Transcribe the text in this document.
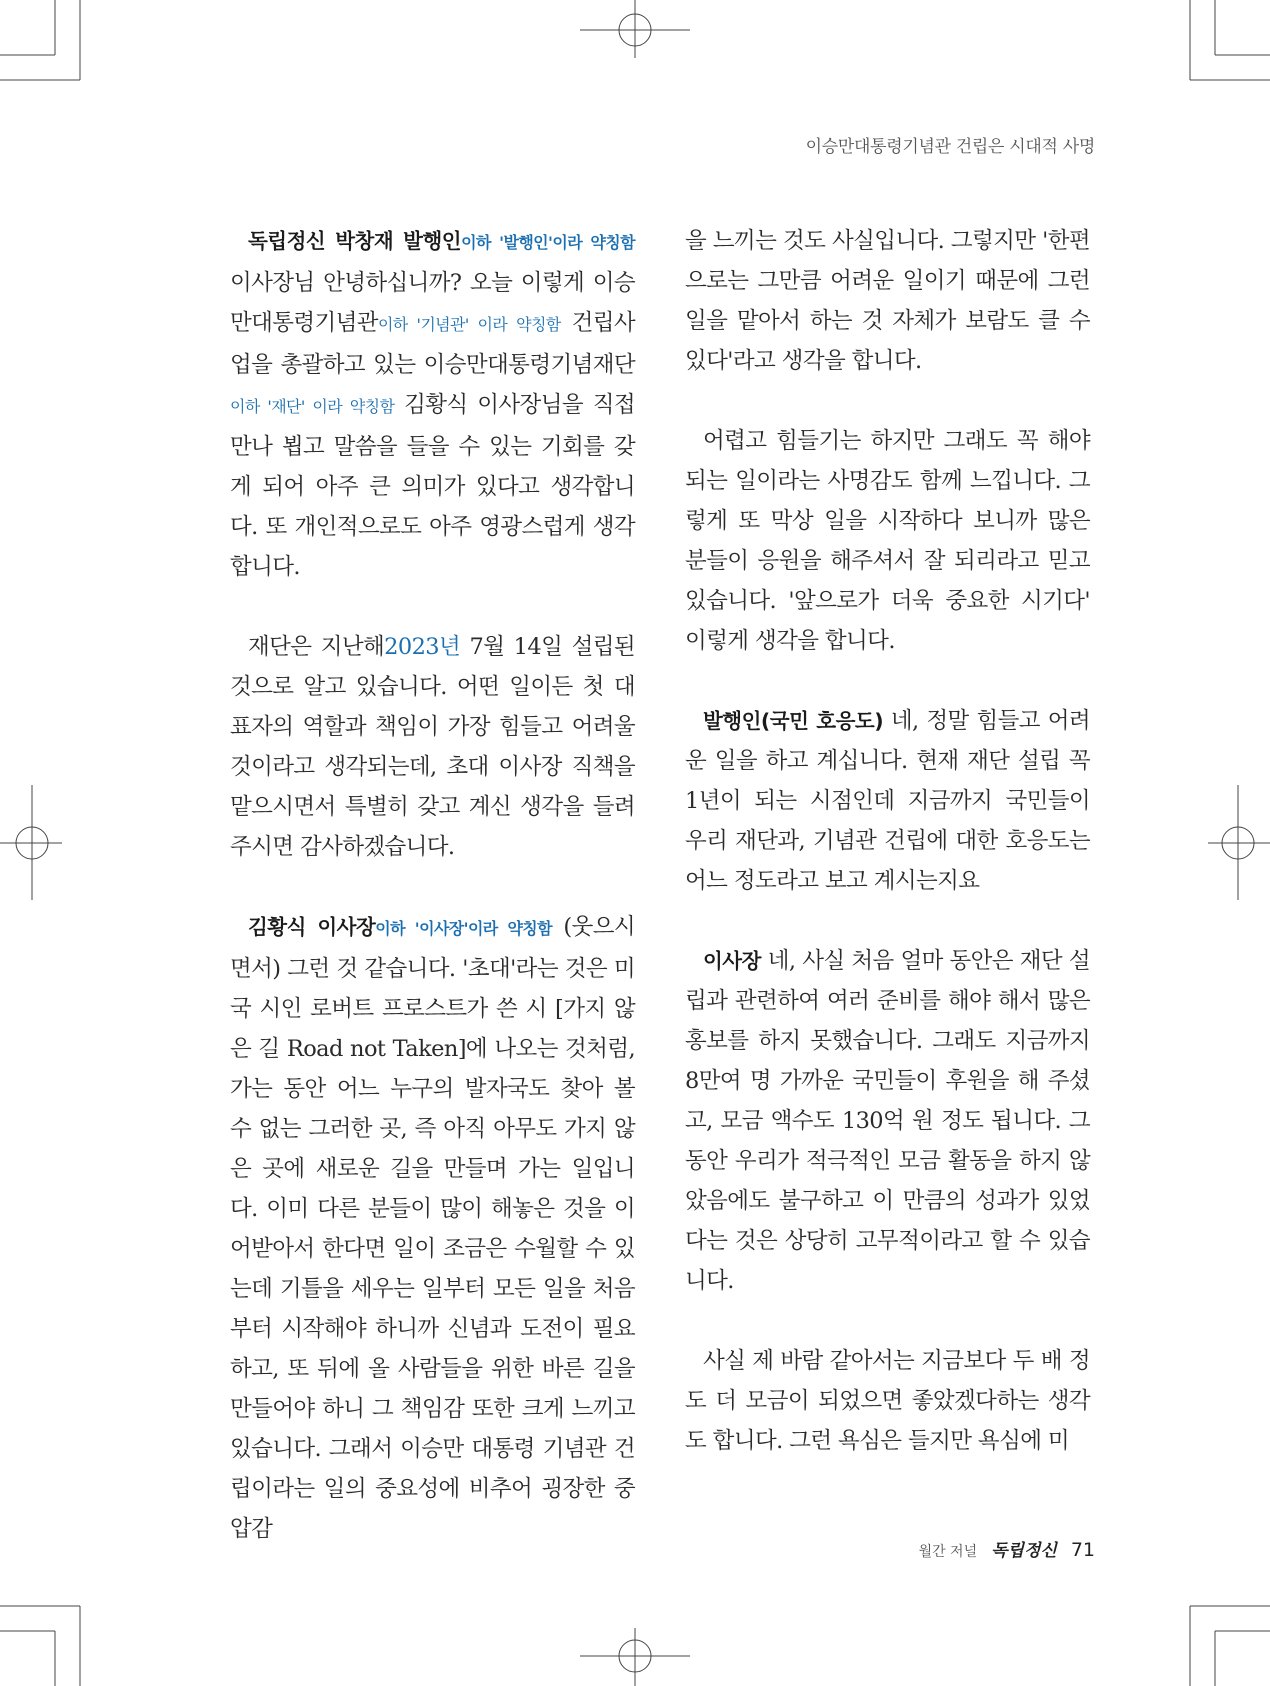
이승만대통령기념관 건립은 시대적 사명

독립정신 박창재 발행인이하 '발행인'이라 약칭함 이사장님 안녕하십니까? 오늘 이렇게 이승만대통령기념관이하 '기념관' 이라 약칭함 건립사업을 총괄하고 있는 이승만대통령기념재단 이하 '재단' 이라 약칭함 김황식 이사장님을 직접 만나 뵙고 말씀을 들을 수 있는 기회를 갖게 되어 아주 큰 의미가 있다고 생각합니다. 또 개인적으로도 아주 영광스럽게 생각합니다.

재단은 지난해2023년 7월 14일 설립된 것으로 알고 있습니다. 어떤 일이든 첫 대표자의 역할과 책임이 가장 힘들고 어려울 것이라고 생각되는데, 초대 이사장 직책을 맡으시면서 특별히 갖고 계신 생각을 들려주시면 감사하겠습니다.

김황식 이사장이하 '이사장'이라 약칭함 (웃으시면서) 그런 것 같습니다. '초대'라는 것은 미국 시인 로버트 프로스트가 쓴 시 [가지 않은 길 Road not Taken]에 나오는 것처럼, 가는 동안 어느 누구의 발자국도 찾아 볼 수 없는 그러한 곳, 즉 아직 아무도 가지 않은 곳에 새로운 길을 만들며 가는 일입니다. 이미 다른 분들이 많이 해놓은 것을 이어받아서 한다면 일이 조금은 수월할 수 있는데 기틀을 세우는 일부터 모든 일을 처음부터 시작해야 하니까 신념과 도전이 필요하고, 또 뒤에 올 사람들을 위한 바른 길을 만들어야 하니 그 책임감 또한 크게 느끼고 있습니다. 그래서 이승만 대통령 기념관 건립이라는 일의 중요성에 비추어 굉장한 중압감

을 느끼는 것도 사실입니다. 그렇지만 '한편으로는 그만큼 어려운 일이기 때문에 그런 일을 맡아서 하는 것 자체가 보람도 클 수 있다'라고 생각을 합니다.

어렵고 힘들기는 하지만 그래도 꼭 해야 되는 일이라는 사명감도 함께 느낍니다. 그렇게 또 막상 일을 시작하다 보니까 많은 분들이 응원을 해주셔서 잘 되리라고 믿고 있습니다. '앞으로가 더욱 중요한 시기다' 이렇게 생각을 합니다.

발행인(국민 호응도) 네, 정말 힘들고 어려운 일을 하고 계십니다. 현재 재단 설립 꼭 1년이 되는 시점인데 지금까지 국민들이 우리 재단과, 기념관 건립에 대한 호응도는 어느 정도라고 보고 계시는지요

이사장 네, 사실 처음 얼마 동안은 재단 설립과 관련하여 여러 준비를 해야 해서 많은 홍보를 하지 못했습니다. 그래도 지금까지 8만여 명 가까운 국민들이 후원을 해 주셨고, 모금 액수도 130억 원 정도 됩니다. 그동안 우리가 적극적인 모금 활동을 하지 않았음에도 불구하고 이 만큼의 성과가 있었다는 것은 상당히 고무적이라고 할 수 있습니다.

사실 제 바람 같아서는 지금보다 두 배 정도 더 모금이 되었으면 좋았겠다하는 생각도 합니다. 그런 욕심은 들지만 욕심에 미

월간 저널 독립정신 71
